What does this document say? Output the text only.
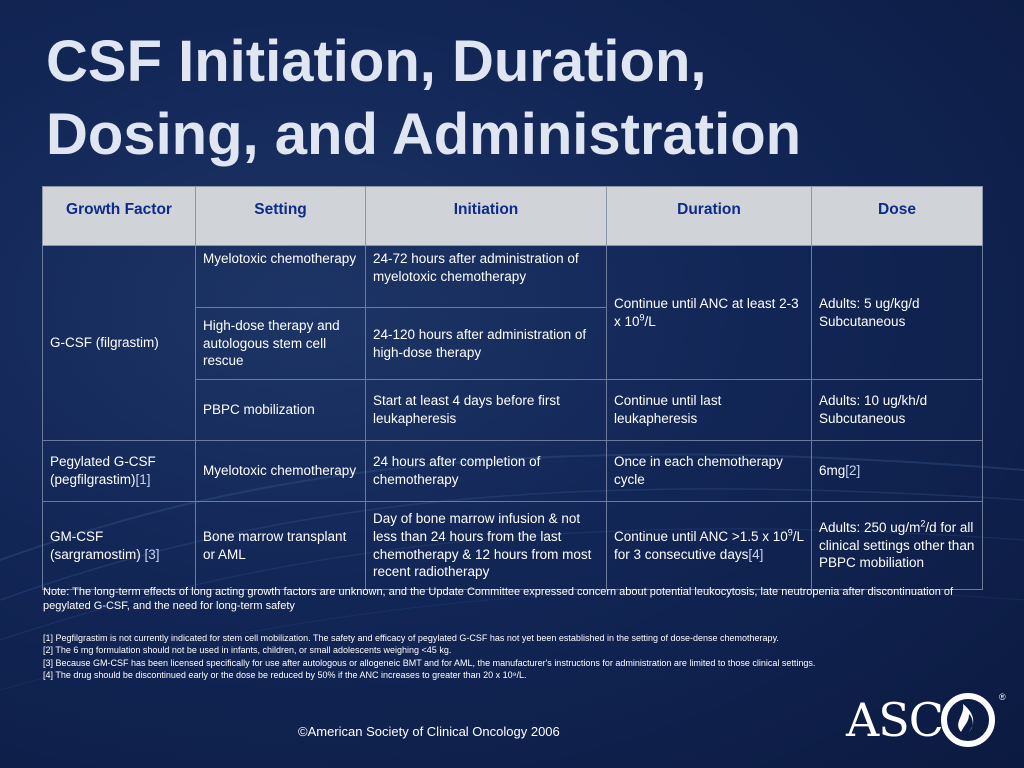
CSF Initiation, Duration,
Dosing, and Administration
Growth Factor	Setting	Initiation	Duration	Dose
G-CSF (filgrastim)	Myelotoxic chemotherapy	24-72 hours after administration of myelotoxic chemotherapy	Continue until ANC at least 2-3 x $10^9/L$	Adults: 5 ug/kg/d Subcutaneous
	High-dose therapy and autologous stem cell rescue	24-120 hours after administration of high-dose therapy		
	PBPC mobilization	Start at least 4 days before first leukapheresis	Continue until last leukapheresis	Adults: 10 ug/kh/d Subcutaneous
Pegylated G-CSF (pegfilgrastim)[1]	Myelotoxic chemotherapy	24 hours after completion of chemotherapy	Once in each chemotherapy cycle	6mg[2]
GM-CSF (sargramostim) [3]	Bone marrow transplant or AML	Day of bone marrow infusion & not less than 24 hours from the last chemotherapy & 12 hours from most recent radiotherapy	Continue until ANC >1.5 x $10^9/L$ for 3 consecutive days[4]	Adults: 250 $ug/m^2/d$ for all clinical settings other than PBPC mobiliation
Note: The long-term effects of long acting growth factors are unknown, and the Update Committee expressed concern about potential leukocytosis, late neutropenia after discontinuation of pegylated G-CSF, and the need for long-term safety
[1] Pegfilgrastim is not currently indicated for stem cell mobilization. The safety and efficacy of pegylated G-CSF has not yet been established in the setting of dose-dense chemotherapy.
[2] The 6 mg formulation should not be used in infants, children, or small adolescents weighing <45 kg.
[3] Because GM-CSF has been licensed specifically for use after autologous or allogeneic BMT and for AML, the manufacturer's instructions for administration are limited to those clinical settings.
[4] The drug should be discontinued early or the dose be reduced by 50% if the ANC increases to greater than 20 x 10⁹/L.
©American Society of Clinical Oncology 2006	ASC	®
